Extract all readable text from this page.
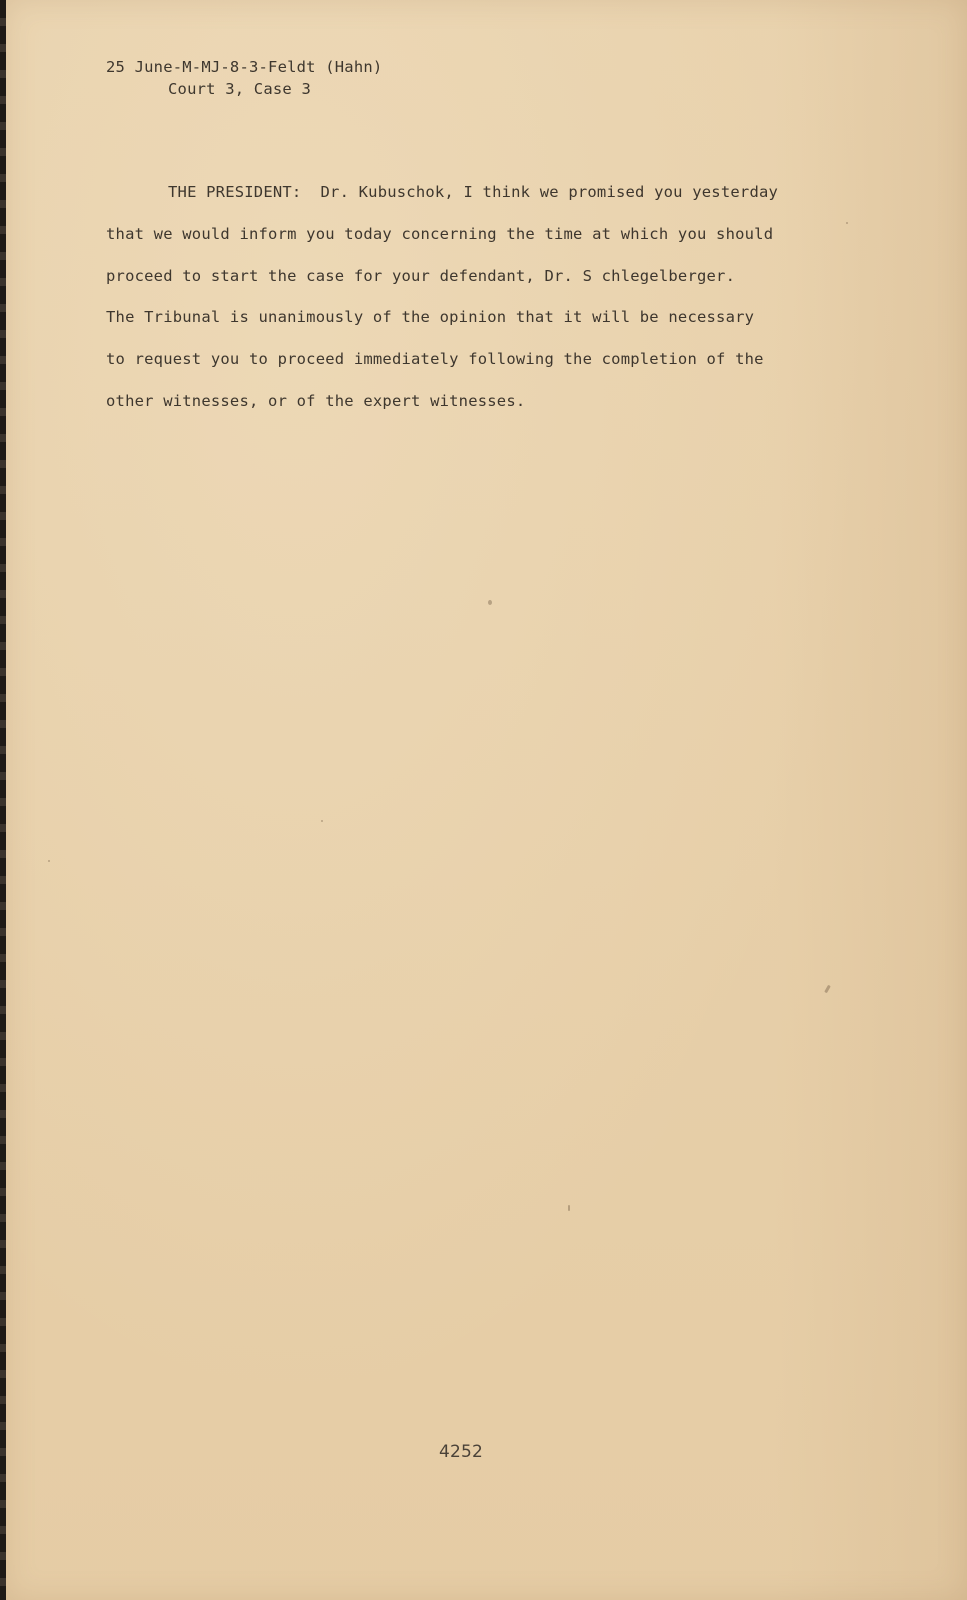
25 June-M-MJ-8-3-Feldt (Hahn)
Court 3, Case 3
THE PRESIDENT:  Dr. Kubuschok, I think we promised you yesterday
that we would inform you today concerning the time at which you should
proceed to start the case for your defendant, Dr. S chlegelberger.
The Tribunal is unanimously of the opinion that it will be necessary
to request you to proceed immediately following the completion of the
other witnesses, or of the expert witnesses.
4252
